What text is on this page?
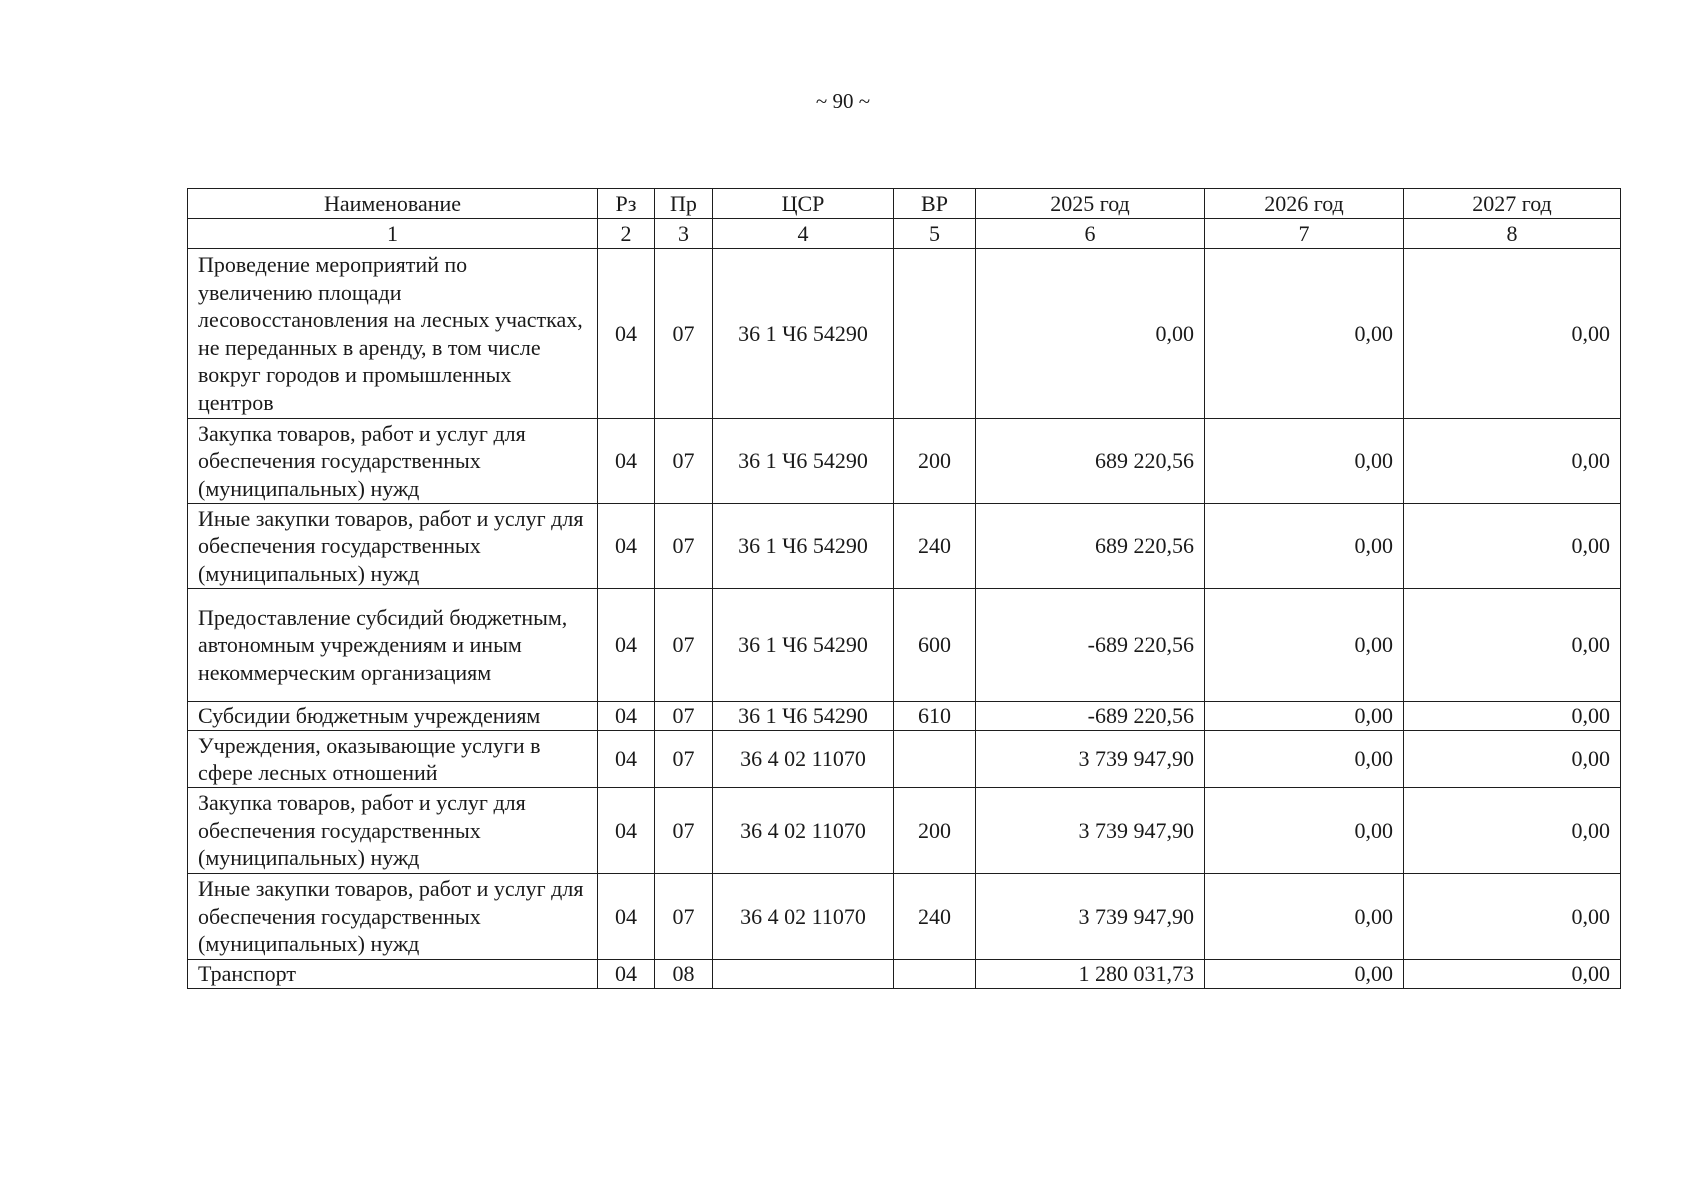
~ 90 ~
Наименование	Рз	Пр	ЦСР	ВР	2025 год	2026 год	2027 год
1	2	3	4	5	6	7	8
Проведение мероприятий по увеличению площади лесовосстановления на лесных участках, не переданных в аренду, в том числе вокруг городов и промышленных центров	04	07	36 1 Ч6 54290		0,00	0,00	0,00
Закупка товаров, работ и услуг для обеспечения государственных (муниципальных) нужд	04	07	36 1 Ч6 54290	200	689 220,56	0,00	0,00
Иные закупки товаров, работ и услуг для обеспечения государственных (муниципальных) нужд	04	07	36 1 Ч6 54290	240	689 220,56	0,00	0,00
Предоставление субсидий бюджетным, автономным учреждениям и иным некоммерческим организациям	04	07	36 1 Ч6 54290	600	-689 220,56	0,00	0,00
Субсидии бюджетным учреждениям	04	07	36 1 Ч6 54290	610	-689 220,56	0,00	0,00
Учреждения, оказывающие услуги в сфере лесных отношений	04	07	36 4 02 11070		3 739 947,90	0,00	0,00
Закупка товаров, работ и услуг для обеспечения государственных (муниципальных) нужд	04	07	36 4 02 11070	200	3 739 947,90	0,00	0,00
Иные закупки товаров, работ и услуг для обеспечения государственных (муниципальных) нужд	04	07	36 4 02 11070	240	3 739 947,90	0,00	0,00
Транспорт	04	08			1 280 031,73	0,00	0,00
